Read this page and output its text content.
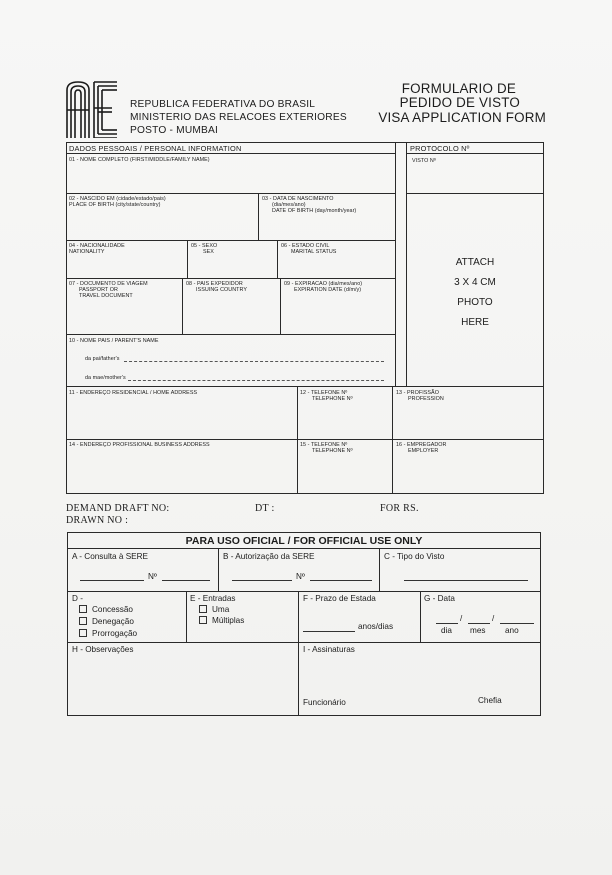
REPUBLICA FEDERATIVA DO BRASIL
MINISTERIO DAS RELACOES EXTERIORES
POSTO - MUMBAI
FORMULARIO DE
PEDIDO DE VISTO
VISA APPLICATION FORM
DADOS PESSOAIS / PERSONAL INFORMATION	PROTOCOLO Nº
VISTO Nº
01 - NOME COMPLETO (FIRST/MIDDLE/FAMILY NAME)
02 - NASCIDO EM (cidade/estado/pais)
PLACE OF BIRTH (city/state/country)
03 - DATA DE NASCIMENTO
(dia/mes/ano)
DATE OF BIRTH (day/month/year)
04 - NACIONALIDADE
NATIONALITY
05 - SEXO
SEX
06 - ESTADO CIVIL
MARITAL STATUS
07 - DOCUMENTO DE VIAGEM
PASSPORT OR
TRAVEL DOCUMENT
08 - PAIS EXPEDIDOR
ISSUING COUNTRY
09 - EXPIRACAO (dia/mes/ano)
EXPIRATION DATE (d/m/y)
ATTACH
3 X 4 CM
PHOTO
HERE
10 - NOME PAIS / PARENT'S NAME
da pai/father's
da mae/mother's
11 - ENDEREÇO RESIDENCIAL / HOME ADDRESS	12 - TELEFONE Nº
TELEPHONE Nº
13 - PROFISSÃO
PROFESSION
14 - ENDEREÇO PROFISSIONAL BUSINESS ADDRESS	15 - TELEFONE Nº
TELEPHONE Nº
16 - EMPREGADOR
EMPLOYER
DEMAND DRAFT NO:	DT :	FOR RS.
DRAWN NO :
PARA USO OFICIAL / FOR OFFICIAL USE ONLY
A - Consulta à SERE
Nº
B - Autorização da SERE
Nº
C - Tipo do Visto
D -
Concessão
Denegação
Prorrogação
E - Entradas
Uma
Múltiplas
F - Prazo de Estada
anos/dias
G - Data
/	/
dia mes ano
H - Observações	I - Assinaturas
Funcionário	Chefia
